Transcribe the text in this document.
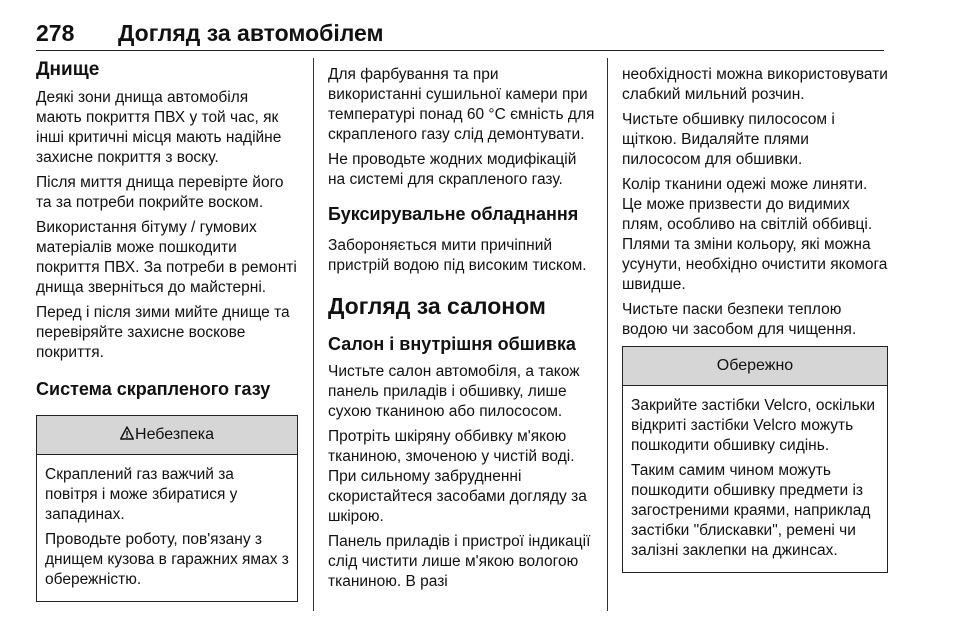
278 Догляд за автомобілем
Днище

Деякі зони днища автомобіля мають покриття ПВХ у той час, як інші критичні місця мають надійне захисне покриття з воску.

Після миття днища перевірте його та за потреби покрийте воском.

Використання бітуму / гумових матеріалів може пошкодити покриття ПВХ. За потреби в ремонті днища зверніться до майстерні.

Перед і після зими мийте днище та перевіряйте захисне воскове покриття.

Система скрапленого газу
Небезпека

Скраплений газ важчий за повітря і може збиратися у западинах.

Проводьте роботу, пов'язану з днищем кузова в гаражних ямах з обережністю.

Для фарбування та при використанні сушильної камери при температурі понад 60 °C ємність для скрапленого газу слід демонтувати.

Не проводьте жодних модифікацій на системі для скрапленого газу.

Буксирувальне обладнання

Забороняється мити причіпний пристрій водою під високим тиском.

Догляд за салоном
Салон і внутрішня обшивка

Чистьте салон автомобіля, а також панель приладів і обшивку, лише сухою тканиною або пилососом.

Протріть шкіряну оббивку м'якою тканиною, змоченою у чистій воді. При сильному забрудненні скористайтеся засобами догляду за шкірою.

Панель приладів і пристрої індикації слід чистити лише м'якою вологою тканиною. В разі

необхідності можна використовувати слабкий мильний розчин.

Чистьте обшивку пилососом і щіткою. Видаляйте плями пилососом для обшивки.

Колір тканини одежі може линяти. Це може призвести до видимих плям, особливо на світлій оббивці. Плями та зміни кольору, які можна усунути, необхідно очистити якомога швидше.

Чистьте паски безпеки теплою водою чи засобом для чищення.

Обережно

Закрийте застібки Velcro, оскільки відкриті застібки Velcro можуть пошкодити обшивку сидінь.

Таким самим чином можуть пошкодити обшивку предмети із загостреними краями, наприклад застібки "блискавки", ремені чи залізні заклепки на джинсах.
